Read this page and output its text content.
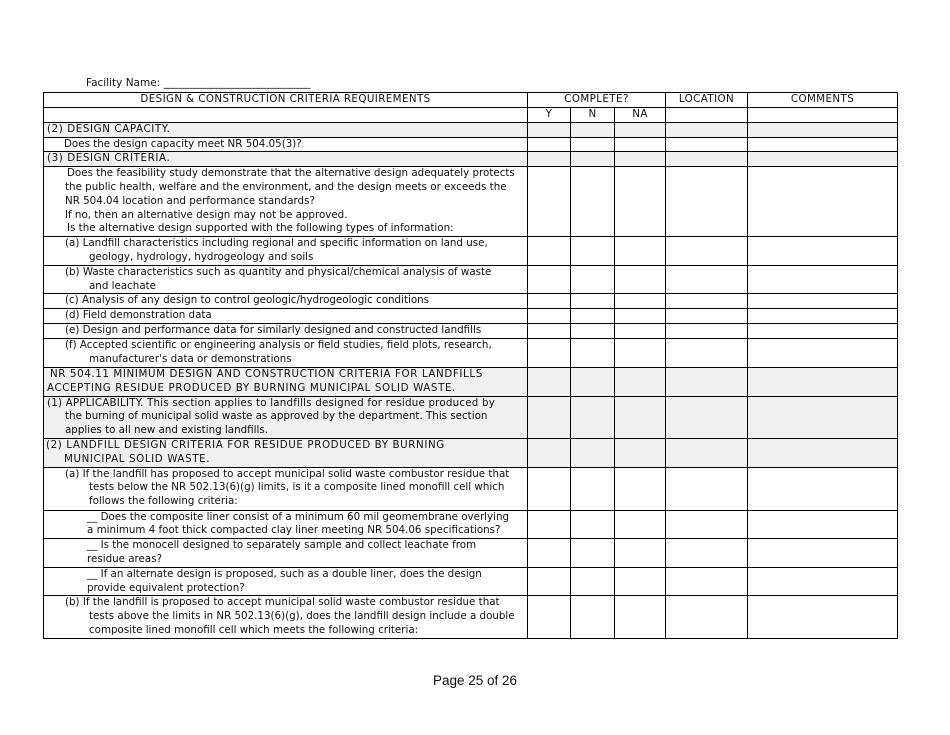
Facility Name: ____________________________
DESIGN & CONSTRUCTION CRITERIA REQUIREMENTS	COMPLETE?			LOCATION	COMMENTS
	Y	N	NA		
(2) DESIGN CAPACITY.					
Does the design capacity meet NR 504.05(3)?					
(3) DESIGN CRITERIA.					

Does the feasibility study demonstrate that the alternative design adequately protects
the public health, welfare and the environment, and the design meets or exceeds the
NR 504.04 location and performance standards?
If no, then an alternative design may not be approved.
Is the alternative design supported with the following types of information:					

(a) Landfill characteristics including regional and specific information on land use,
geology, hydrology, hydrogeology and soils					

(b) Waste characteristics such as quantity and physical/chemical analysis of waste
and leachate					

(c) Analysis of any design to control geologic/hydrogeologic conditions					
(d) Field demonstration data					
(e) Design and performance data for similarly designed and constructed landfills					

(f) Accepted scientific or engineering analysis or field studies, field plots, research,
manufacturer's data or demonstrations					

NR 504.11 MINIMUM DESIGN AND CONSTRUCTION CRITERIA FOR LANDFILLS
ACCEPTING RESIDUE PRODUCED BY BURNING MUNICIPAL SOLID WASTE.					

(1) APPLICABILITY. This section applies to landfills designed for residue produced by
the burning of municipal solid waste as approved by the department. This section
applies to all new and existing landfills.					

(2) LANDFILL DESIGN CRITERIA FOR RESIDUE PRODUCED BY BURNING
MUNICIPAL SOLID WASTE.					

(a) If the landfill has proposed to accept municipal solid waste combustor residue that
tests below the NR 502.13(6)(g) limits, is it a composite lined monofill cell which
follows the following criteria:					

__ Does the composite liner consist of a minimum 60 mil geomembrane overlying
a minimum 4 foot thick compacted clay liner meeting NR 504.06 specifications?					

__ Is the monocell designed to separately sample and collect leachate from
residue areas?					

__ If an alternate design is proposed, such as a double liner, does the design
provide equivalent protection?					

(b) If the landfill is proposed to accept municipal solid waste combustor residue that
tests above the limits in NR 502.13(6)(g), does the landfill design include a double
composite lined monofill cell which meets the following criteria:					

Page 25 of 26
